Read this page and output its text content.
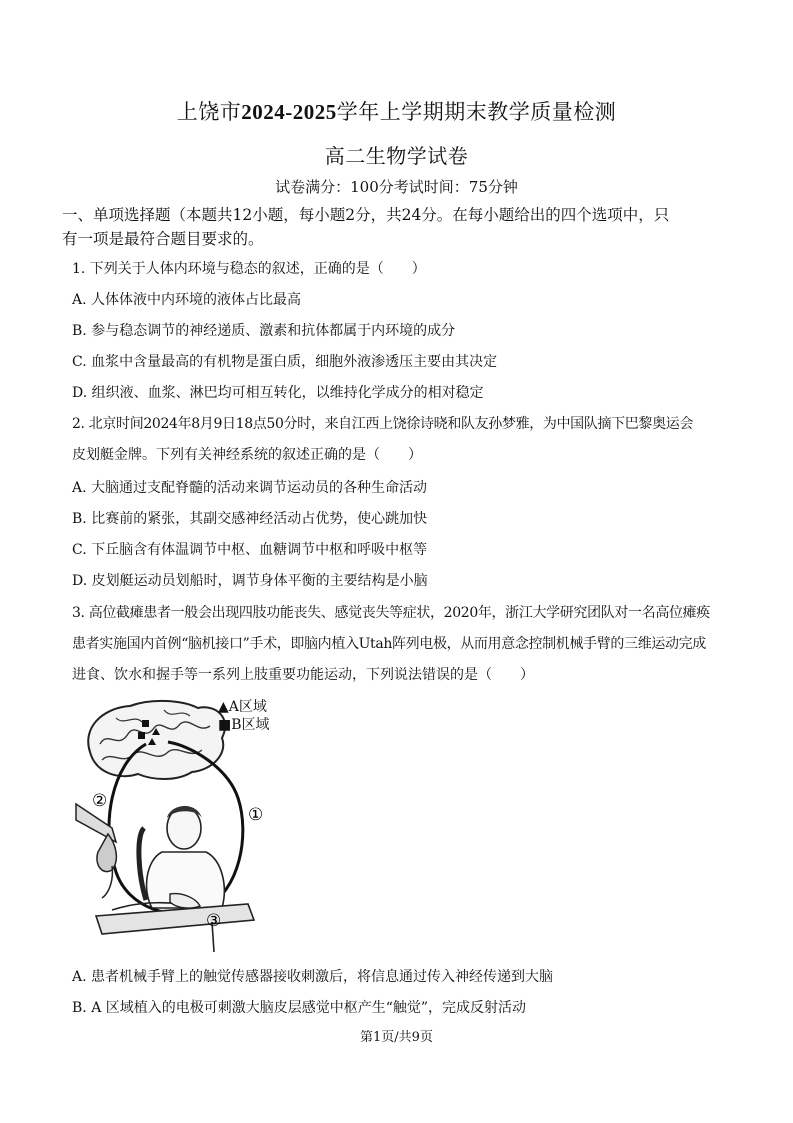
上饶市2024-2025学年上学期期末教学质量检测
高二生物学试卷
试卷满分：100分考试时间：75分钟
一、单项选择题（本题共12小题，每小题2分，共24分。在每小题给出的四个选项中，只
有一项是最符合题目要求的。
1. 下列关于人体内环境与稳态的叙述，正确的是（　　）
A. 人体体液中内环境的液体占比最高
B. 参与稳态调节的神经递质、激素和抗体都属于内环境的成分
C. 血浆中含量最高的有机物是蛋白质，细胞外液渗透压主要由其决定
D. 组织液、血浆、淋巴均可相互转化，以维持化学成分的相对稳定
2. 北京时间2024年8月9日18点50分时，来自江西上饶徐诗晓和队友孙梦雅，为中国队摘下巴黎奥运会
皮划艇金牌。下列有关神经系统的叙述正确的是（　　）
A. 大脑通过支配脊髓的活动来调节运动员的各种生命活动
B. 比赛前的紧张，其副交感神经活动占优势，使心跳加快
C. 下丘脑含有体温调节中枢、血糖调节中枢和呼吸中枢等
D. 皮划艇运动员划船时，调节身体平衡的主要结构是小脑
3. 高位截瘫患者一般会出现四肢功能丧失、感觉丧失等症状，2020年，浙江大学研究团队对一名高位瘫痪
患者实施国内首例“脑机接口”手术，即脑内植入Utah阵列电极，从而用意念控制机械手臂的三维运动完成
进食、饮水和握手等一系列上肢重要功能运动，下列说法错误的是（　　）
①
②
③
▲A区域
■B区域
A. 患者机械手臂上的触觉传感器接收刺激后，将信息通过传入神经传递到大脑
B. A 区域植入的电极可刺激大脑皮层感觉中枢产生“触觉”，完成反射活动
第1页/共9页
